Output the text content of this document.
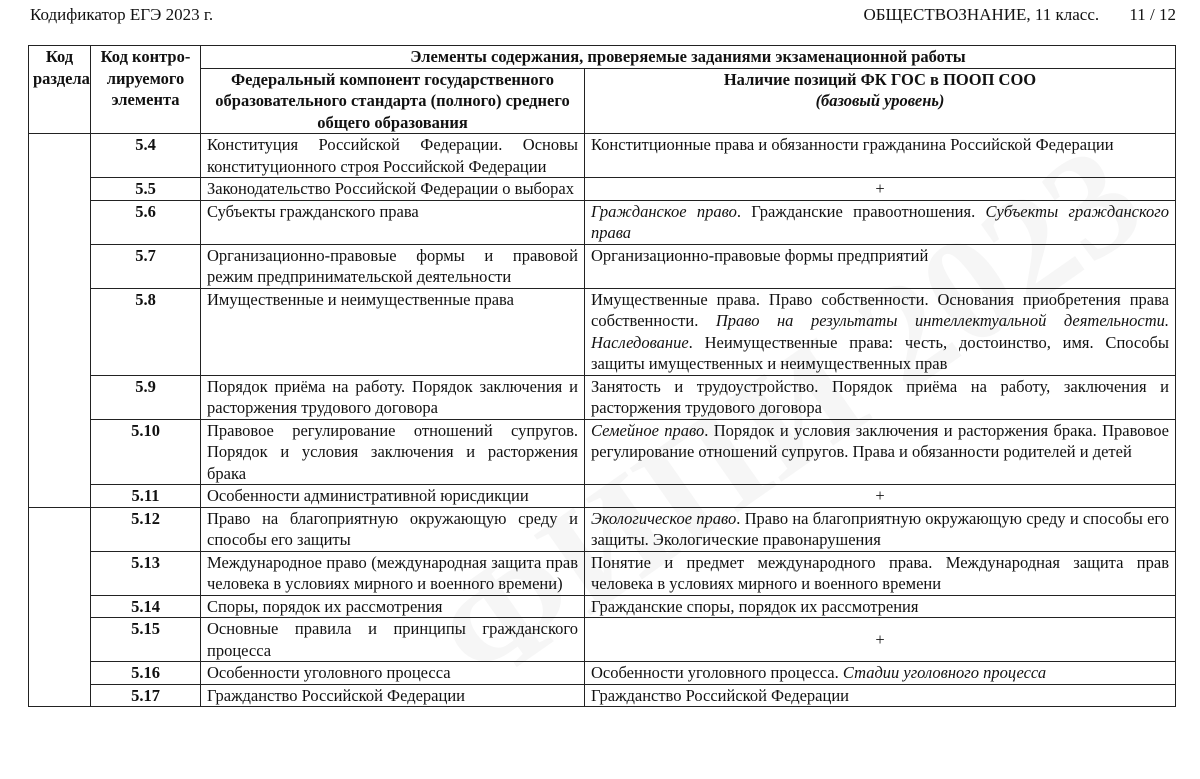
Кодификатор ЕГЭ 2023 г.	ОБЩЕСТВОЗНАНИЕ, 11 класс. 11 / 12
Код раздела	Код контро-лируемого элемента	Элементы содержания, проверяемые заданиями экзаменационной работы	
		Федеральный компонент государственного образовательного стандарта (полного) среднего общего образования	Наличие позиций ФК ГОС в ПООП СОО
(базовый уровень)
	5.4	Конституция Российской Федерации. Основы конституционного строя Российской Федерации	Конститционные права и обязанности гражданина Российской Федерации
	5.5	Законодательство Российской Федерации о выборах	+
	5.6	Субъекты гражданского права	Гражданское право. Гражданские правоотношения. Субъекты гражданского права
	5.7	Организационно-правовые формы и правовой режим предпринимательской деятельности	Организационно-правовые формы предприятий
	5.8	Имущественные и неимущественные права	Имущественные права. Право собственности. Основания приобретения права собственности. Право на результаты интеллектуальной деятельности. Наследование. Неимущественные права: честь, достоинство, имя. Способы защиты имущественных и неимущественных прав
	5.9	Порядок приёма на работу. Порядок заключения и расторжения трудового договора	Занятость и трудоустройство. Порядок приёма на работу, заключения и расторжения трудового договора
	5.10	Правовое регулирование отношений супругов. Порядок и условия заключения и расторжения брака	Семейное право. Порядок и условия заключения и расторжения брака. Правовое регулирование отношений супругов. Права и обязанности родителей и детей
	5.11	Особенности административной юрисдикции	+
	5.12	Право на благоприятную окружающую среду и способы его защиты	Экологическое право. Право на благоприятную окружающую среду и способы его защиты. Экологические правонарушения
	5.13	Международное право (международная защита прав человека в условиях мирного и военного времени)	Понятие и предмет международного права. Международная защита прав человека в условиях мирного и военного времени
	5.14	Споры, порядок их рассмотрения	Гражданские споры, порядок их рассмотрения
	5.15	Основные правила и принципы гражданского процесса	+
	5.16	Особенности уголовного процесса	Особенности уголовного процесса. Стадии уголовного процесса
	5.17	Гражданство Российской Федерации	Гражданство Российской Федерации
